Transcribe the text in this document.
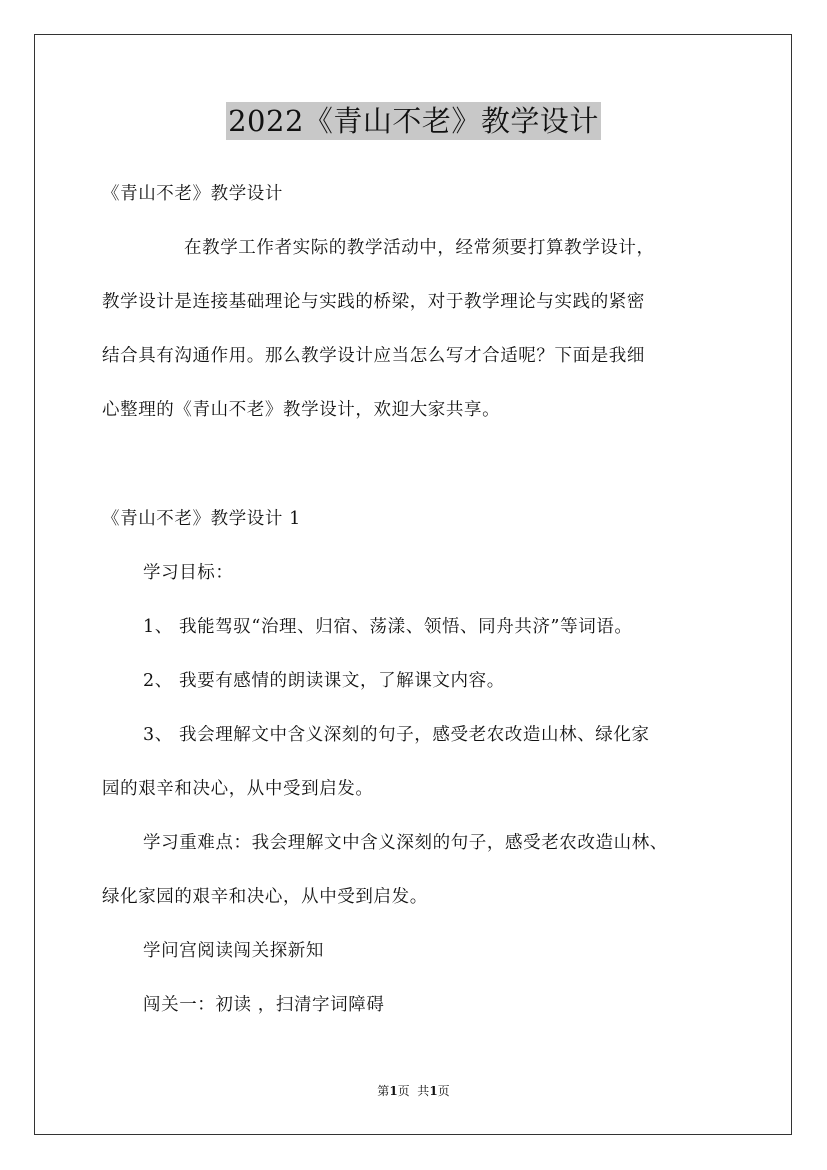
2022《青山不老》教学设计
《青山不老》教学设计
在教学工作者实际的教学活动中，经常须要打算教学设计，
教学设计是连接基础理论与实践的桥梁，对于教学理论与实践的紧密
结合具有沟通作用。那么教学设计应当怎么写才合适呢？下面是我细
心整理的《青山不老》教学设计，欢迎大家共享。
《青山不老》教学设计 1
学习目标：
1、 我能驾驭“治理、归宿、荡漾、领悟、同舟共济”等词语。
2、 我要有感情的朗读课文，了解课文内容。
3、 我会理解文中含义深刻的句子，感受老农改造山林、绿化家
园的艰辛和决心，从中受到启发。
学习重难点：我会理解文中含义深刻的句子，感受老农改造山林、
绿化家园的艰辛和决心，从中受到启发。
学问宫阅读闯关探新知
闯关一：初读 ，扫清字词障碍
第1页  共1页
